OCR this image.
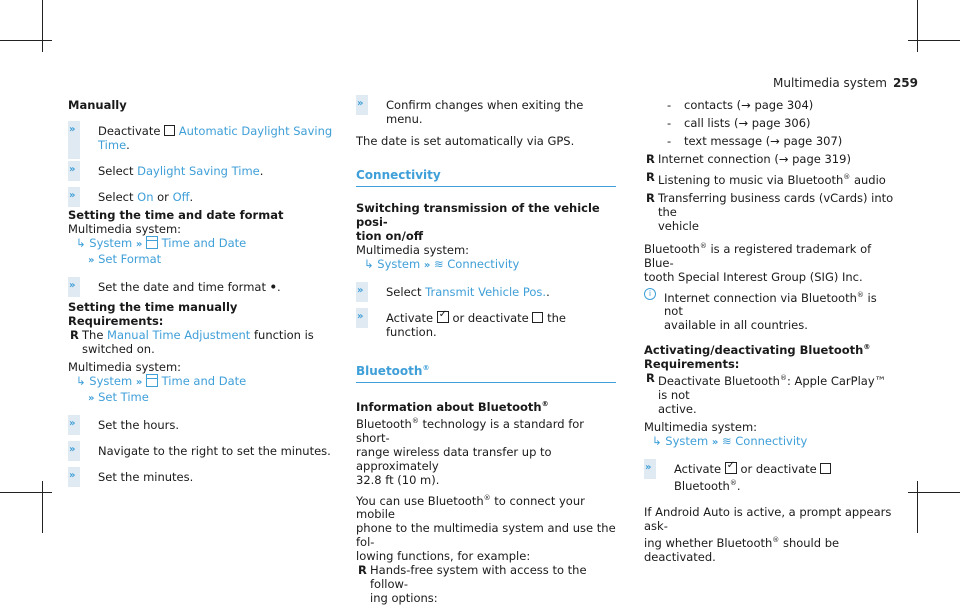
Multimedia system 259
Manually
» Deactivate Automatic Daylight Saving
Time.
» Select Daylight Saving Time.
» Select On or Off.
Setting the time and date format
Multimedia system:
↳ System » Time and Date
» Set Format
» Set the date and time format •.
Setting the time manually
Requirements:
R The Manual Time Adjustment function is
switched on.
Multimedia system:
↳ System » Time and Date
» Set Time
» Set the hours.
» Navigate to the right to set the minutes.
» Set the minutes.
» Confirm changes when exiting the menu.
The date is set automatically via GPS.
Connectivity
Switching transmission of the vehicle posi-
tion on/off
Multimedia system:
↳ System » ≋ Connectivity
» Select Transmit Vehicle Pos..
» Activate ✓ or deactivate the function.
Bluetooth®
Information about Bluetooth®
Bluetooth® technology is a standard for short-
range wireless data transfer up to approximately
32.8 ft (10 m).
You can use Bluetooth® to connect your mobile
phone to the multimedia system and use the fol-
lowing functions, for example:
R Hands-free system with access to the follow-
ing options:
- contacts (→ page 304)
- call lists (→ page 306)
- text message (→ page 307)
R Internet connection (→ page 319)
R Listening to music via Bluetooth® audio
R Transferring business cards (vCards) into the
vehicle
Bluetooth® is a registered trademark of Blue-
tooth Special Interest Group (SIG) Inc.
i	Internet connection via Bluetooth® is not
available in all countries.
Activating/deactivating Bluetooth®
Requirements:
R Deactivate Bluetooth®: Apple CarPlay™ is not
active.
Multimedia system:
↳ System » ≋ Connectivity
» Activate ✓ or deactivate  Bluetooth®.
If Android Auto is active, a prompt appears ask-
ing whether Bluetooth® should be deactivated.
